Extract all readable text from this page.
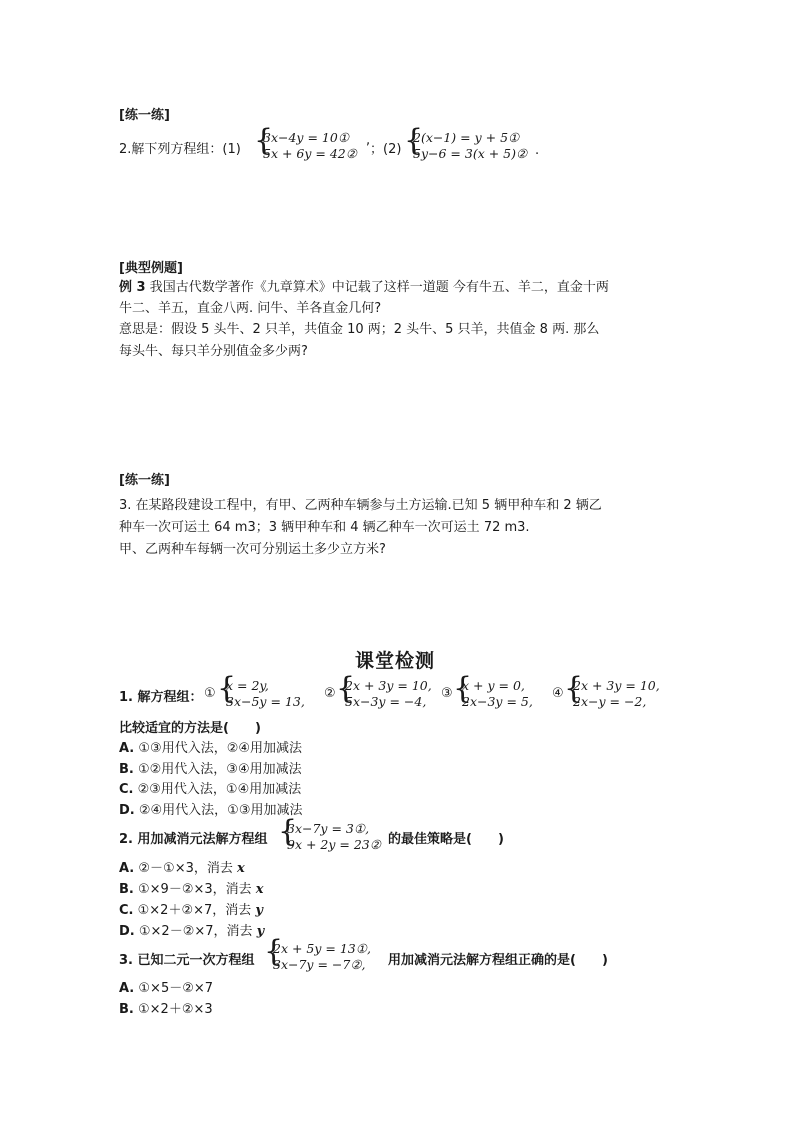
[练一练]
2.解下列方程组：(1) {
3x−4y = 10①
5x + 6y = 42②
,
；(2) {
2(x−1) = y + 5①
5y−6 = 3(x + 5)② .
[典型例题]
例 3 我国古代数学著作《九章算术》中记载了这样一道题 今有牛五、羊二，直金十两
牛二、羊五，直金八两. 问牛、羊各直金几何?
意思是：假设 5 头牛、2 只羊，共值金 10 两；2 头牛、5 只羊，共值金 8 两. 那么
每头牛、每只羊分别值金多少两?
[练一练]
3. 在某路段建设工程中，有甲、乙两种车辆参与土方运输.已知 5 辆甲种车和 2 辆乙
种车一次可运土 64 m3；3 辆甲种车和 4 辆乙种车一次可运土 72 m3.
甲、乙两种车每辆一次可分别运土多少立方米?
课堂检测
1. 解方程组： ① {
x = 2y,
3x−5y = 13,
② {
2x + 3y = 10,
5x−3y = −4,
③ {
x + y = 0,
2x−3y = 5,
④ {
2x + 3y = 10,
2x−y = −2,
比较适宜的方法是(　　)
A. ①③用代入法，②④用加减法
B. ①②用代入法，③④用加减法
C. ②③用代入法，①④用加减法
D. ②④用代入法，①③用加减法
2. 用加减消元法解方程组 {
3x−7y = 3①,
9x + 2y = 23② 的最佳策略是(　　)
A. ②－①×3，消去 x
B. ①×9－②×3，消去 x
C. ①×2＋②×7，消去 y
D. ①×2－②×7，消去 y
3. 已知二元一次方程组 {
2x + 5y = 13①,
3x−7y = −7②, 用加减消元法解方程组正确的是(　　)
A. ①×5－②×7
B. ①×2＋②×3
